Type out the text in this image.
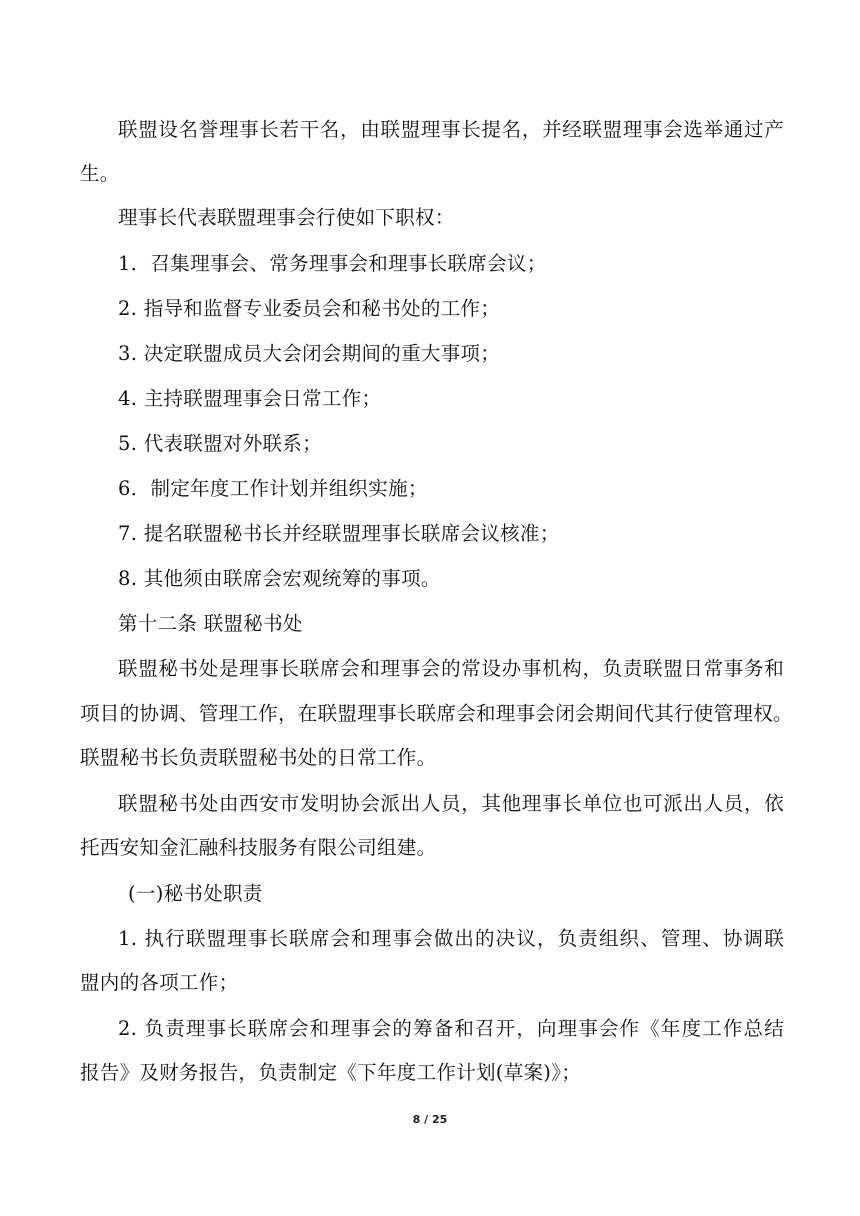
联盟设名誉理事长若干名，由联盟理事长提名，并经联盟理事会选举通过产
生。
理事长代表联盟理事会行使如下职权：
1．召集理事会、常务理事会和理事长联席会议；
2. 指导和监督专业委员会和秘书处的工作；
3. 决定联盟成员大会闭会期间的重大事项；
4. 主持联盟理事会日常工作；
5. 代表联盟对外联系；
6．制定年度工作计划并组织实施；
7. 提名联盟秘书长并经联盟理事长联席会议核准；
8. 其他须由联席会宏观统筹的事项。
第十二条 联盟秘书处
联盟秘书处是理事长联席会和理事会的常设办事机构，负责联盟日常事务和
项目的协调、管理工作，在联盟理事长联席会和理事会闭会期间代其行使管理权。
联盟秘书长负责联盟秘书处的日常工作。
联盟秘书处由西安市发明协会派出人员，其他理事长单位也可派出人员，依
托西安知金汇融科技服务有限公司组建。
(一)秘书处职责
1. 执行联盟理事长联席会和理事会做出的决议，负责组织、管理、协调联
盟内的各项工作；
2. 负责理事长联席会和理事会的筹备和召开，向理事会作《年度工作总结
报告》及财务报告，负责制定《下年度工作计划(草案)》；
8 / 25
